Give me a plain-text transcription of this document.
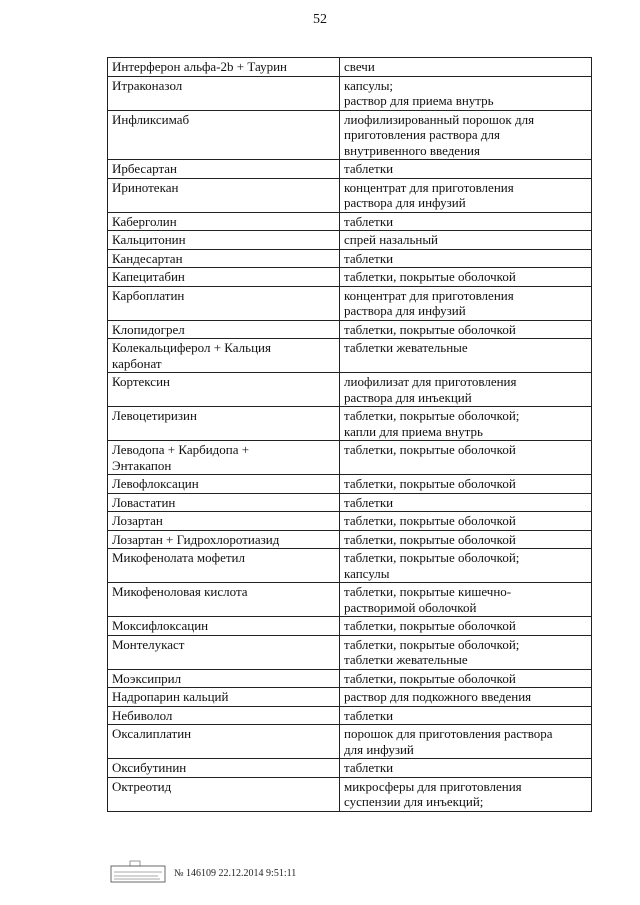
52
Интерферон альфа-2b + Таурин	свечи
Итраконазол	капсулы;
раствор для приема внутрь
Инфликсимаб	лиофилизированный порошок для
приготовления раствора для
внутривенного введения
Ирбесартан	таблетки
Иринотекан	концентрат для приготовления
раствора для инфузий
Каберголин	таблетки
Кальцитонин	спрей назальный
Кандесартан	таблетки
Капецитабин	таблетки, покрытые оболочкой
Карбоплатин	концентрат для приготовления
раствора для инфузий
Клопидогрел	таблетки, покрытые оболочкой
Колекальциферол + Кальция
карбонат	таблетки жевательные
Кортексин	лиофилизат для приготовления
раствора для инъекций
Левоцетиризин	таблетки, покрытые оболочкой;
капли для приема внутрь
Леводопа + Карбидопа +
Энтакапон	таблетки, покрытые оболочкой
Левофлоксацин	таблетки, покрытые оболочкой
Ловастатин	таблетки
Лозартан	таблетки, покрытые оболочкой
Лозартан + Гидрохлоротиазид	таблетки, покрытые оболочкой
Микофенолата мофетил	таблетки, покрытые оболочкой;
капсулы
Микофеноловая кислота	таблетки, покрытые кишечно-
растворимой оболочкой
Моксифлоксацин	таблетки, покрытые оболочкой
Монтелукаст	таблетки, покрытые оболочкой;
таблетки жевательные
Моэксиприл	таблетки, покрытые оболочкой
Надропарин кальций	раствор для подкожного введения
Небиволол	таблетки
Оксалиплатин	порошок для приготовления раствора
для инфузий
Оксибутинин	таблетки
Октреотид	микросферы для приготовления
суспензии для инъекций;

№ 146109 22.12.2014 9:51:11
